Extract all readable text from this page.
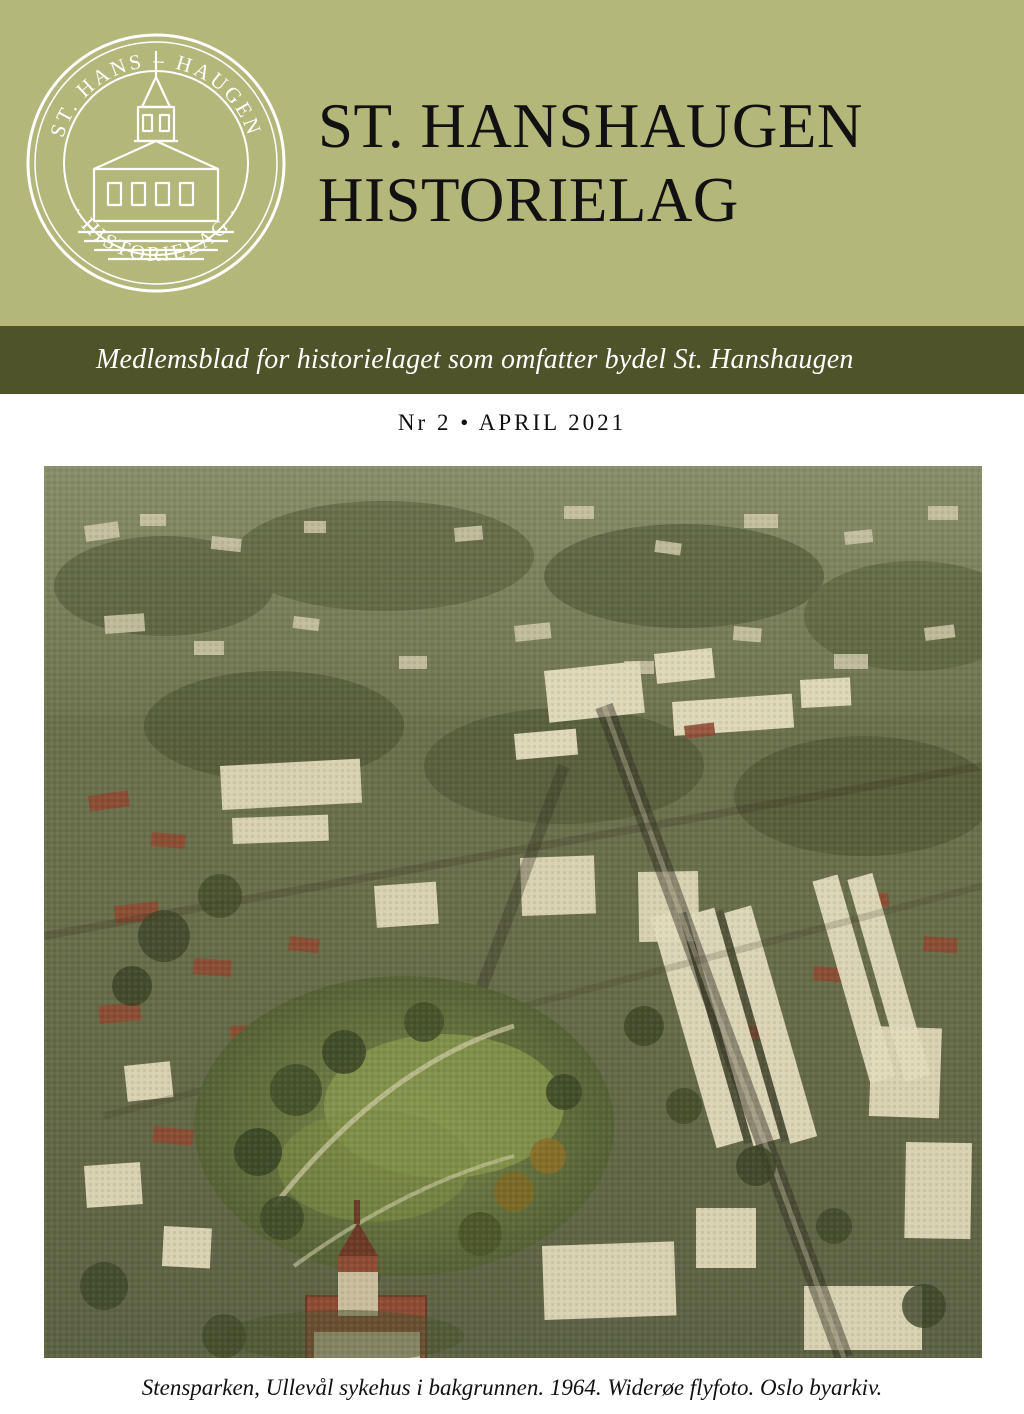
ST. HANS – HAUGEN
· HISTORIELAG ·
ST. HANSHAUGEN
HISTORIELAG
Medlemsblad for historielaget som omfatter bydel St. Hanshaugen
Nr 2 • APRIL 2021
Stensparken, Ullevål sykehus i bakgrunnen. 1964. Widerøe flyfoto. Oslo byarkiv.
